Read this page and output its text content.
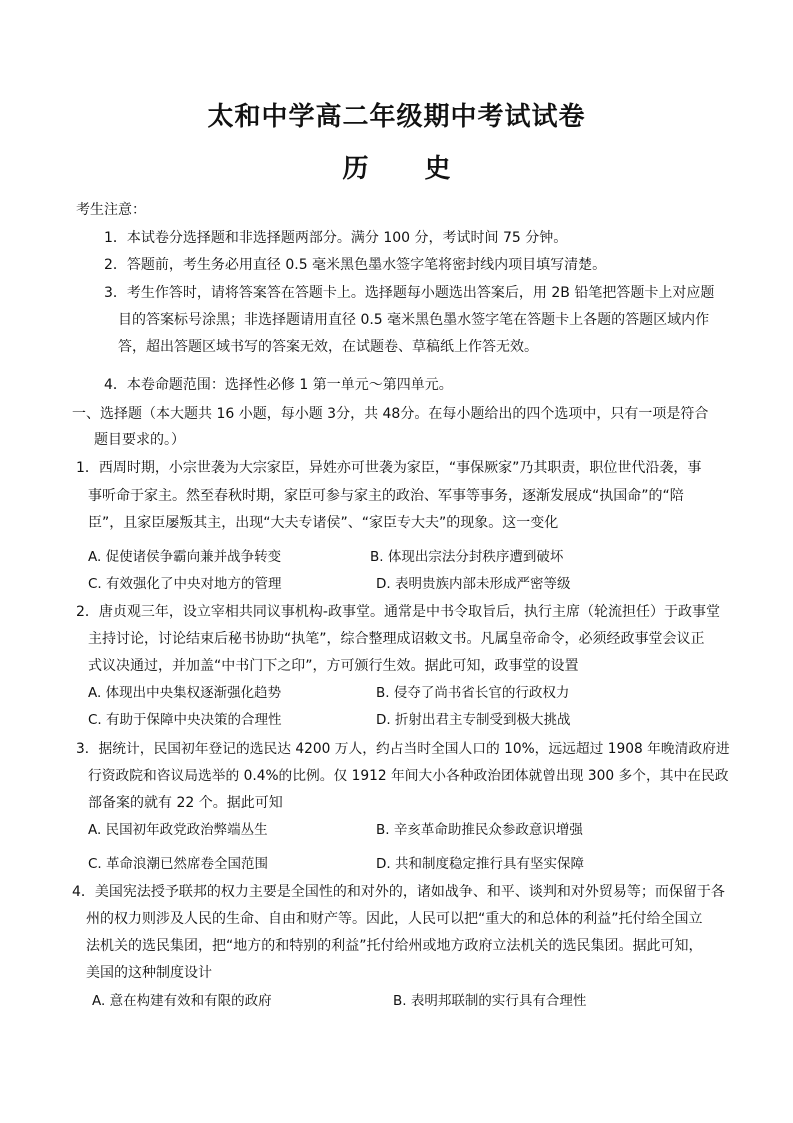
太和中学高二年级期中考试试卷
历 史
考生注意：
1．本试卷分选择题和非选择题两部分。满分 100 分，考试时间 75 分钟。
2．答题前，考生务必用直径 0.5 毫米黑色墨水签字笔将密封线内项目填写清楚。
3．考生作答时，请将答案答在答题卡上。选择题每小题选出答案后，用 2B 铅笔把答题卡上对应题
目的答案标号涂黑；非选择题请用直径 0.5 毫米黑色墨水签字笔在答题卡上各题的答题区域内作
答，超出答题区域书写的答案无效，在试题卷、草稿纸上作答无效。
4．本卷命题范围：选择性必修 1 第一单元～第四单元。
一、选择题（本大题共 16 小题，每小题 3分，共 48分。在每小题给出的四个选项中，只有一项是符合
题目要求的。）
1．西周时期，小宗世袭为大宗家臣，异姓亦可世袭为家臣，“事保厥家”乃其职责，职位世代沿袭，事
事听命于家主。然至春秋时期，家臣可参与家主的政治、军事等事务，逐渐发展成“执国命”的“陪
臣”，且家臣屡叛其主，出现“大夫专诸侯”、“家臣专大夫”的现象。这一变化
A. 促使诸侯争霸向兼并战争转变	B. 体现出宗法分封秩序遭到破坏
C. 有效强化了中央对地方的管理	D. 表明贵族内部未形成严密等级
2．唐贞观三年，设立宰相共同议事机构-政事堂。通常是中书令取旨后，执行主席（轮流担任）于政事堂
主持讨论，讨论结束后秘书协助“执笔”，综合整理成诏敕文书。凡属皇帝命令，必须经政事堂会议正
式议决通过，并加盖“中书门下之印”，方可颁行生效。据此可知，政事堂的设置
A. 体现出中央集权逐渐强化趋势	B. 侵夺了尚书省长官的行政权力
C. 有助于保障中央决策的合理性	D. 折射出君主专制受到极大挑战
3．据统计，民国初年登记的选民达 4200 万人，约占当时全国人口的 10%，远远超过 1908 年晚清政府进
行资政院和咨议局选举的 0.4%的比例。仅 1912 年间大小各种政治团体就曾出现 300 多个，其中在民政
部备案的就有 22 个。据此可知
A. 民国初年政党政治弊端丛生	B. 辛亥革命助推民众参政意识增强
C. 革命浪潮已然席卷全国范围	D. 共和制度稳定推行具有坚实保障
4．美国宪法授予联邦的权力主要是全国性的和对外的，诸如战争、和平、谈判和对外贸易等；而保留于各
州的权力则涉及人民的生命、自由和财产等。因此，人民可以把“重大的和总体的利益”托付给全国立
法机关的选民集团，把“地方的和特别的利益”托付给州或地方政府立法机关的选民集团。据此可知，
美国的这种制度设计
A. 意在构建有效和有限的政府	B. 表明邦联制的实行具有合理性
